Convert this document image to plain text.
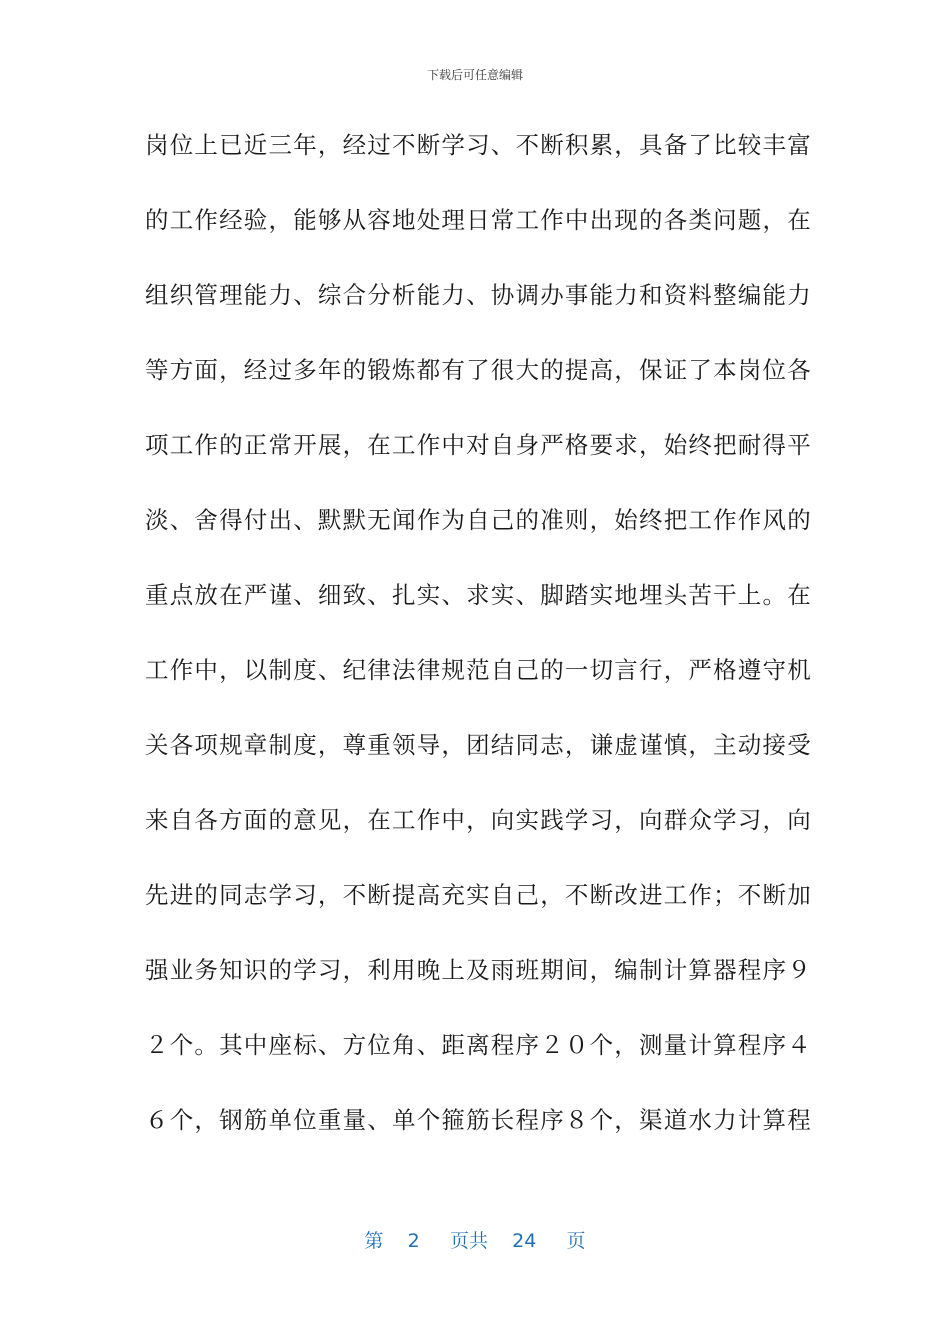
下载后可任意编辑
岗位上已近三年，经过不断学习、不断积累，具备了比较丰富
的工作经验，能够从容地处理日常工作中出现的各类问题，在
组织管理能力、综合分析能力、协调办事能力和资料整编能力
等方面，经过多年的锻炼都有了很大的提高，保证了本岗位各
项工作的正常开展，在工作中对自身严格要求，始终把耐得平
淡、舍得付出、默默无闻作为自己的准则，始终把工作作风的
重点放在严谨、细致、扎实、求实、脚踏实地埋头苦干上。在
工作中，以制度、纪律法律规范自己的一切言行，严格遵守机
关各项规章制度，尊重领导，团结同志，谦虚谨慎，主动接受
来自各方面的意见，在工作中，向实践学习，向群众学习，向
先进的同志学习，不断提高充实自己，不断改进工作；不断加
强业务知识的学习，利用晚上及雨班期间，编制计算器程序９
２个。其中座标、方位角、距离程序２０个，测量计算程序４
６个，钢筋单位重量、单个箍筋长程序８个，渠道水力计算程
第 2 页共 24 页
